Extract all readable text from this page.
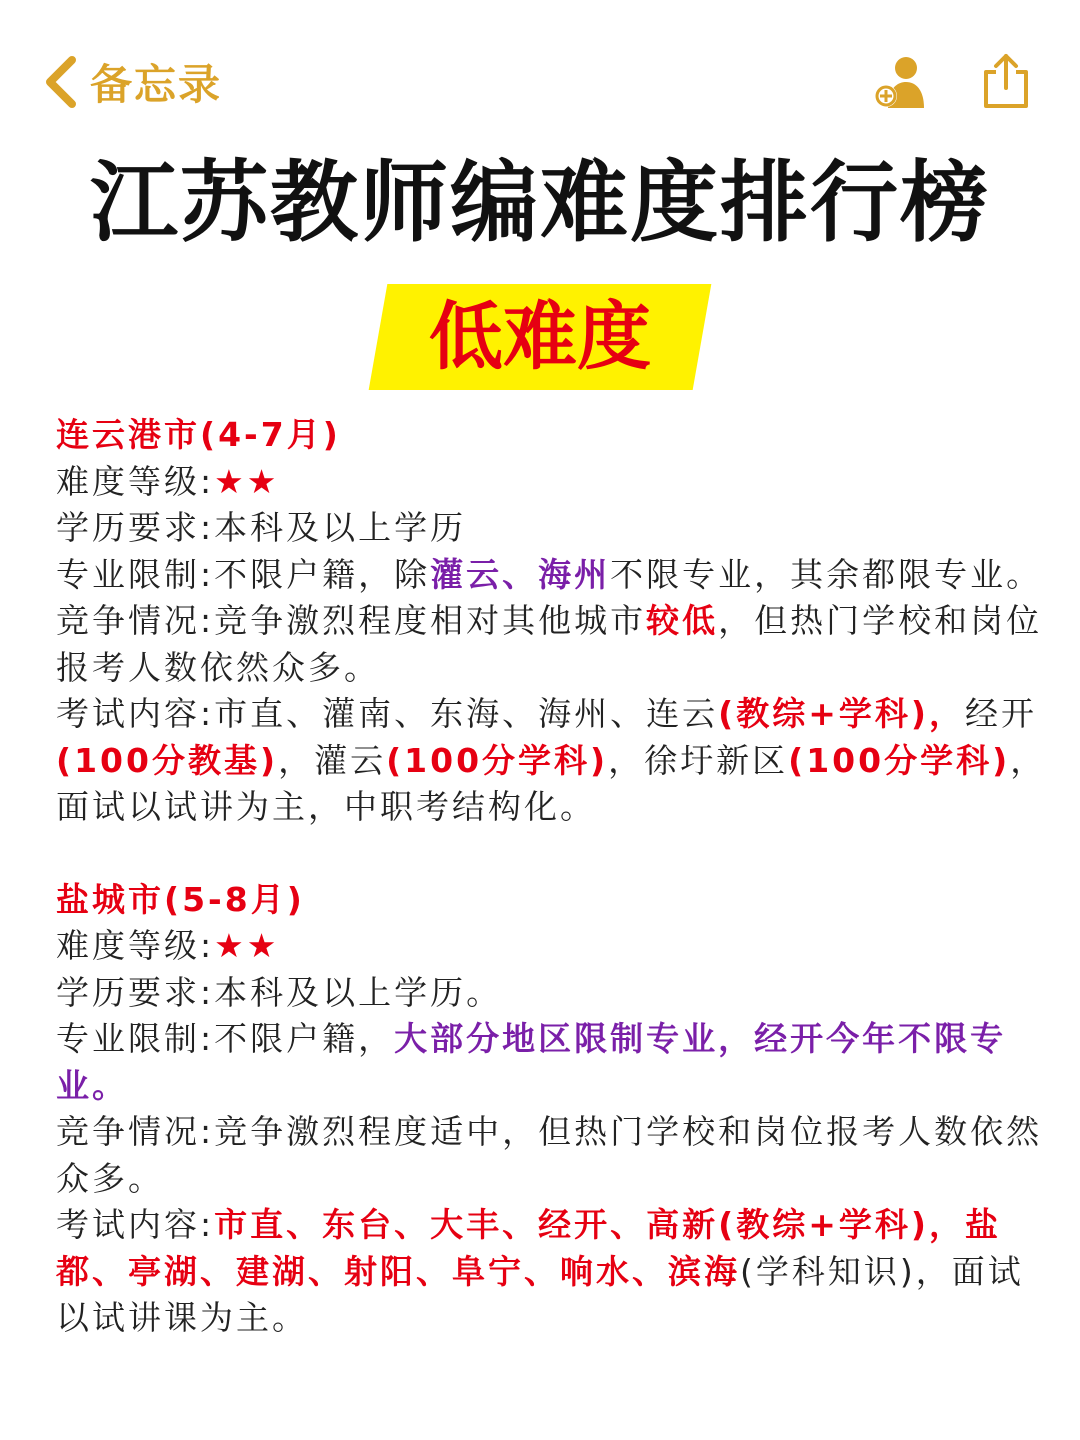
备忘录
江苏教师编难度排行榜
低难度

连云港市(4-7月)

难度等级:★★

学历要求:本科及以上学历

专业限制:不限户籍，除灌云、海州不限专业，其余都限专业。

竞争情况:竞争激烈程度相对其他城市较低，但热门学校和岗位报考人数依然众多。

考试内容:市直、灌南、东海、海州、连云(教综+学科)，经开(100分教基)，灌云(100分学科)，徐圩新区(100分学科)，面试以试讲为主，中职考结构化。

盐城市(5-8月)

难度等级:★★

学历要求:本科及以上学历。

专业限制:不限户籍，大部分地区限制专业，经开今年不限专业。

竞争情况:竞争激烈程度适中，但热门学校和岗位报考人数依然众多。

考试内容:市直、东台、大丰、经开、高新(教综+学科)，盐都、亭湖、建湖、射阳、阜宁、响水、滨海(学科知识)，面试以试讲课为主。
